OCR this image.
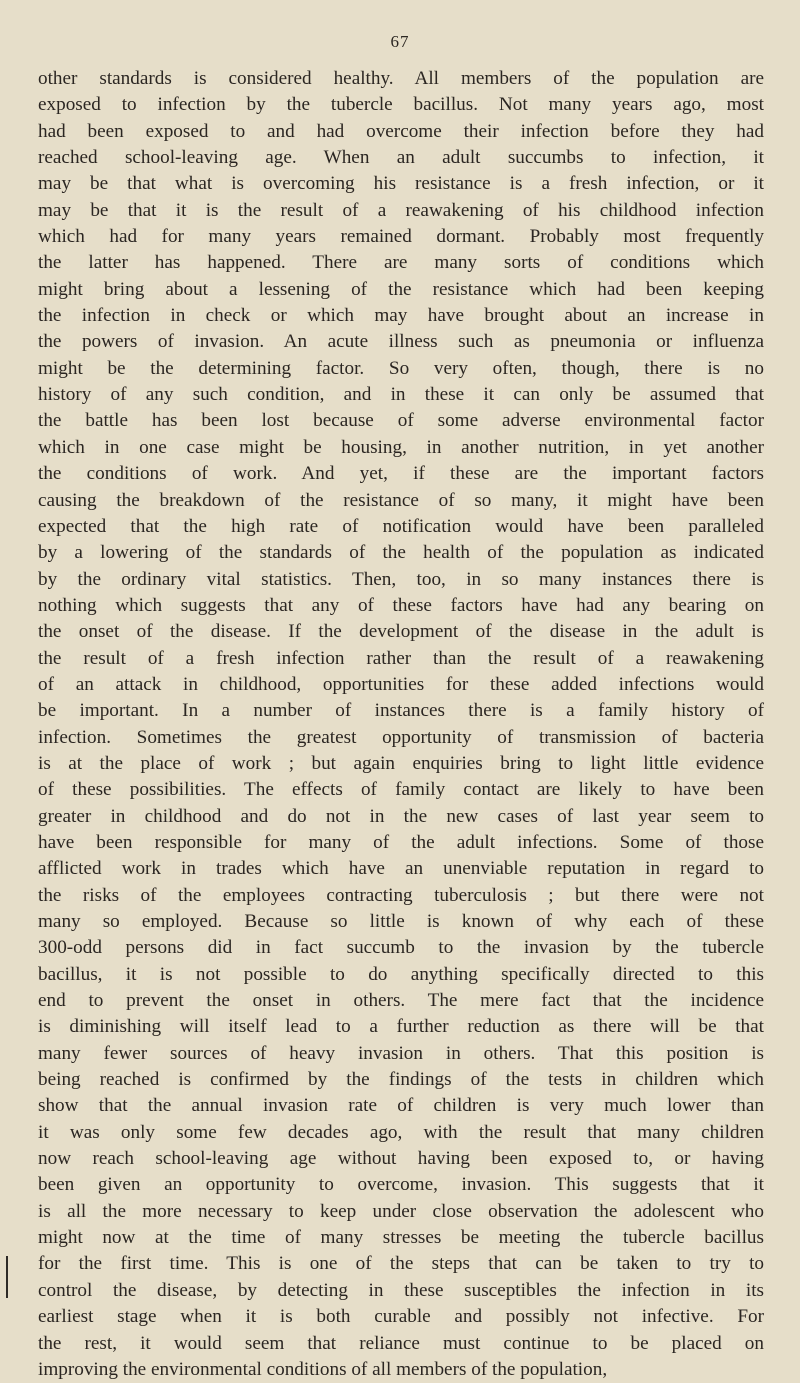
67
other standards is considered healthy. All members of the population are
exposed to infection by the tubercle bacillus. Not many years ago, most
had been exposed to and had overcome their infection before they had
reached school-leaving age. When an adult succumbs to infection, it
may be that what is overcoming his resistance is a fresh infection, or it
may be that it is the result of a reawakening of his childhood infection
which had for many years remained dormant. Probably most frequently
the latter has happened. There are many sorts of conditions which
might bring about a lessening of the resistance which had been keeping
the infection in check or which may have brought about an increase in
the powers of invasion. An acute illness such as pneumonia or influenza
might be the determining factor. So very often, though, there is no
history of any such condition, and in these it can only be assumed that
the battle has been lost because of some adverse environmental factor
which in one case might be housing, in another nutrition, in yet another
the conditions of work. And yet, if these are the important factors
causing the breakdown of the resistance of so many, it might have been
expected that the high rate of notification would have been paralleled
by a lowering of the standards of the health of the population as indicated
by the ordinary vital statistics. Then, too, in so many instances there is
nothing which suggests that any of these factors have had any bearing on
the onset of the disease. If the development of the disease in the adult is
the result of a fresh infection rather than the result of a reawakening
of an attack in childhood, opportunities for these added infections would
be important. In a number of instances there is a family history of
infection. Sometimes the greatest opportunity of transmission of bacteria
is at the place of work ; but again enquiries bring to light little evidence
of these possibilities. The effects of family contact are likely to have been
greater in childhood and do not in the new cases of last year seem to
have been responsible for many of the adult infections. Some of those
afflicted work in trades which have an unenviable reputation in regard to
the risks of the employees contracting tuberculosis ; but there were not
many so employed. Because so little is known of why each of these
300-odd persons did in fact succumb to the invasion by the tubercle
bacillus, it is not possible to do anything specifically directed to this
end to prevent the onset in others. The mere fact that the incidence
is diminishing will itself lead to a further reduction as there will be that
many fewer sources of heavy invasion in others. That this position is
being reached is confirmed by the findings of the tests in children which
show that the annual invasion rate of children is very much lower than
it was only some few decades ago, with the result that many children
now reach school-leaving age without having been exposed to, or having
been given an opportunity to overcome, invasion. This suggests that it
is all the more necessary to keep under close observation the adolescent who
might now at the time of many stresses be meeting the tubercle bacillus
for the first time. This is one of the steps that can be taken to try to
control the disease, by detecting in these susceptibles the infection in its
earliest stage when it is both curable and possibly not infective. For
the rest, it would seem that reliance must continue to be placed on
improving the environmental conditions of all members of the population,
